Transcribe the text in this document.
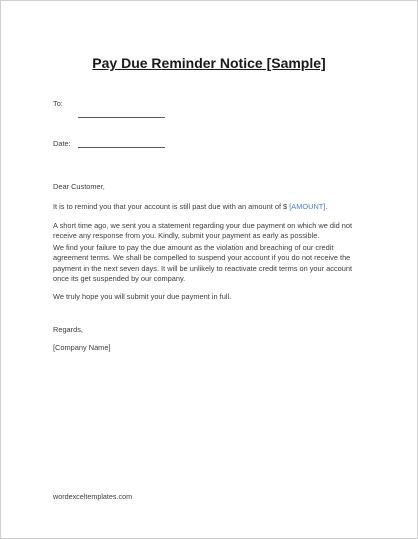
Pay Due Reminder Notice [Sample]
To:
Date:
Dear Customer,
It is to remind you that your account is still past due with an amount of $ [AMOUNT].
A short time ago, we sent you a statement regarding your due payment on which we did not
receive any response from you. Kindly, submit your payment as early as possible.
We find your failure to pay the due amount as the violation and breaching of our credit
agreement terms. We shall be compelled to suspend your account if you do not receive the
payment in the next seven days. It will be unlikely to reactivate credit terms on your account
once its get suspended by our company.
We truly hope you will submit your due payment in full.
Regards,
[Company Name]
wordexceltemplates.com
